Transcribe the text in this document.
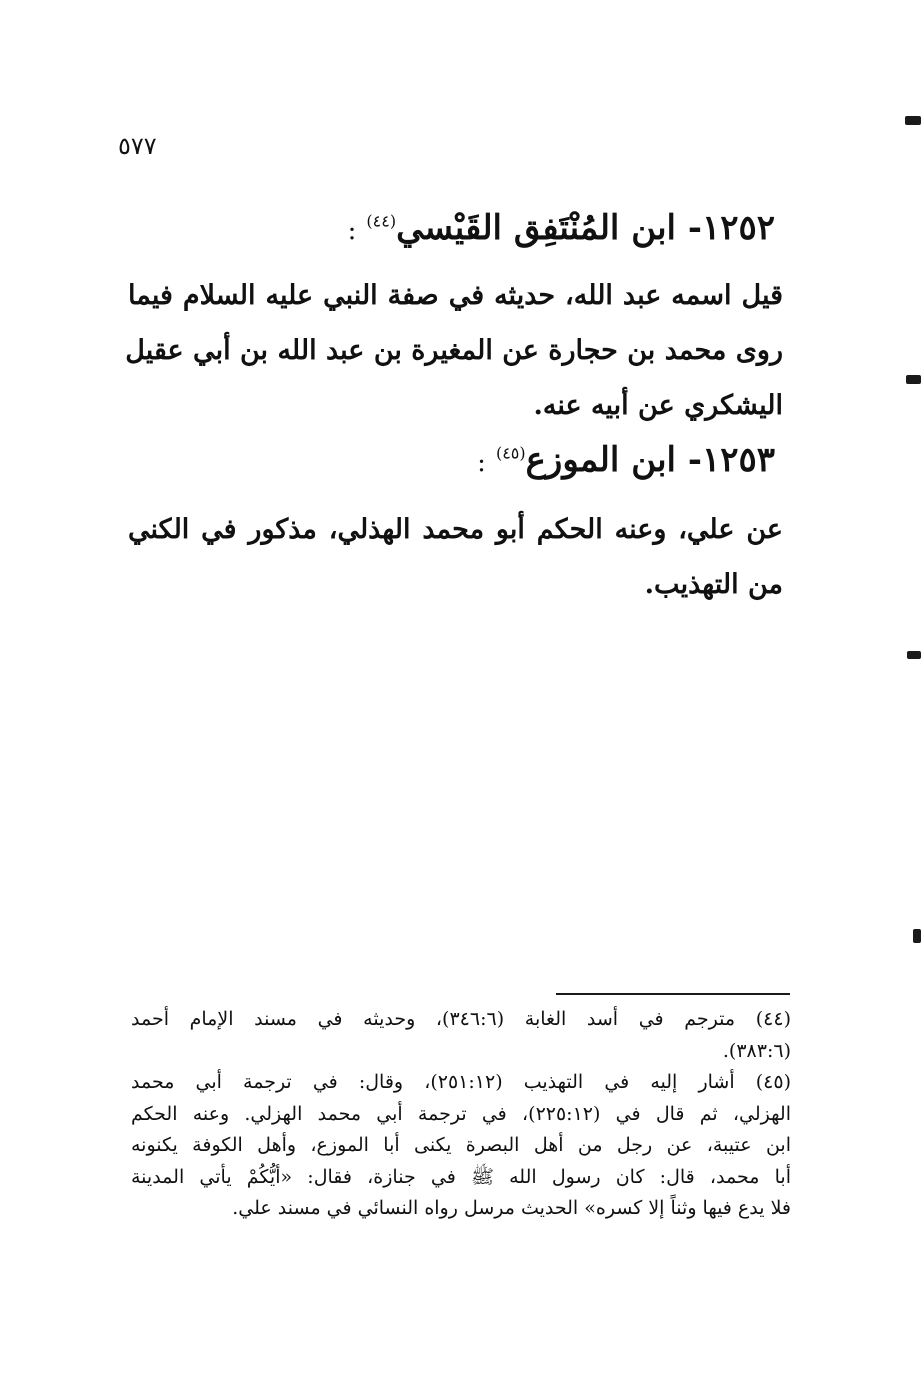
٥٧٧
١٢٥٢- ابن المُنْتَفِق القَيْسي$^{(٤٤)}$:
قيل اسمه عبد الله، حديثه في صفة النبي عليه السلام فيما
روى محمد بن حجارة عن المغيرة بن عبد الله بن أبي عقيل
اليشكري عن أبيه عنه.
١٢٥٣- ابن الموزع$^{(٤٥)}$:
عن علي، وعنه الحكم أبو محمد الهذلي، مذكور في الكني
من التهذيب.
(٤٤) مترجم في أسد الغابة (٣٤٦:٦)، وحديثه في مسند الإمام أحمد
(٣٨٣:٦).
(٤٥) أشار إليه في التهذيب (٢٥١:١٢)، وقال: في ترجمة أبي محمد
الهزلي، ثم قال في (٢٢٥:١٢)، في ترجمة أبي محمد الهزلي. وعنه الحكم
ابن عتيبة، عن رجل من أهل البصرة يكنى أبا الموزع، وأهل الكوفة يكنونه
أبا محمد، قال: كان رسول الله ﷺ في جنازة، فقال: «أيُّكُمْ يأتي المدينة
فلا يدع فيها وثناً إلا كسره» الحديث مرسل رواه النسائي في مسند علي.
